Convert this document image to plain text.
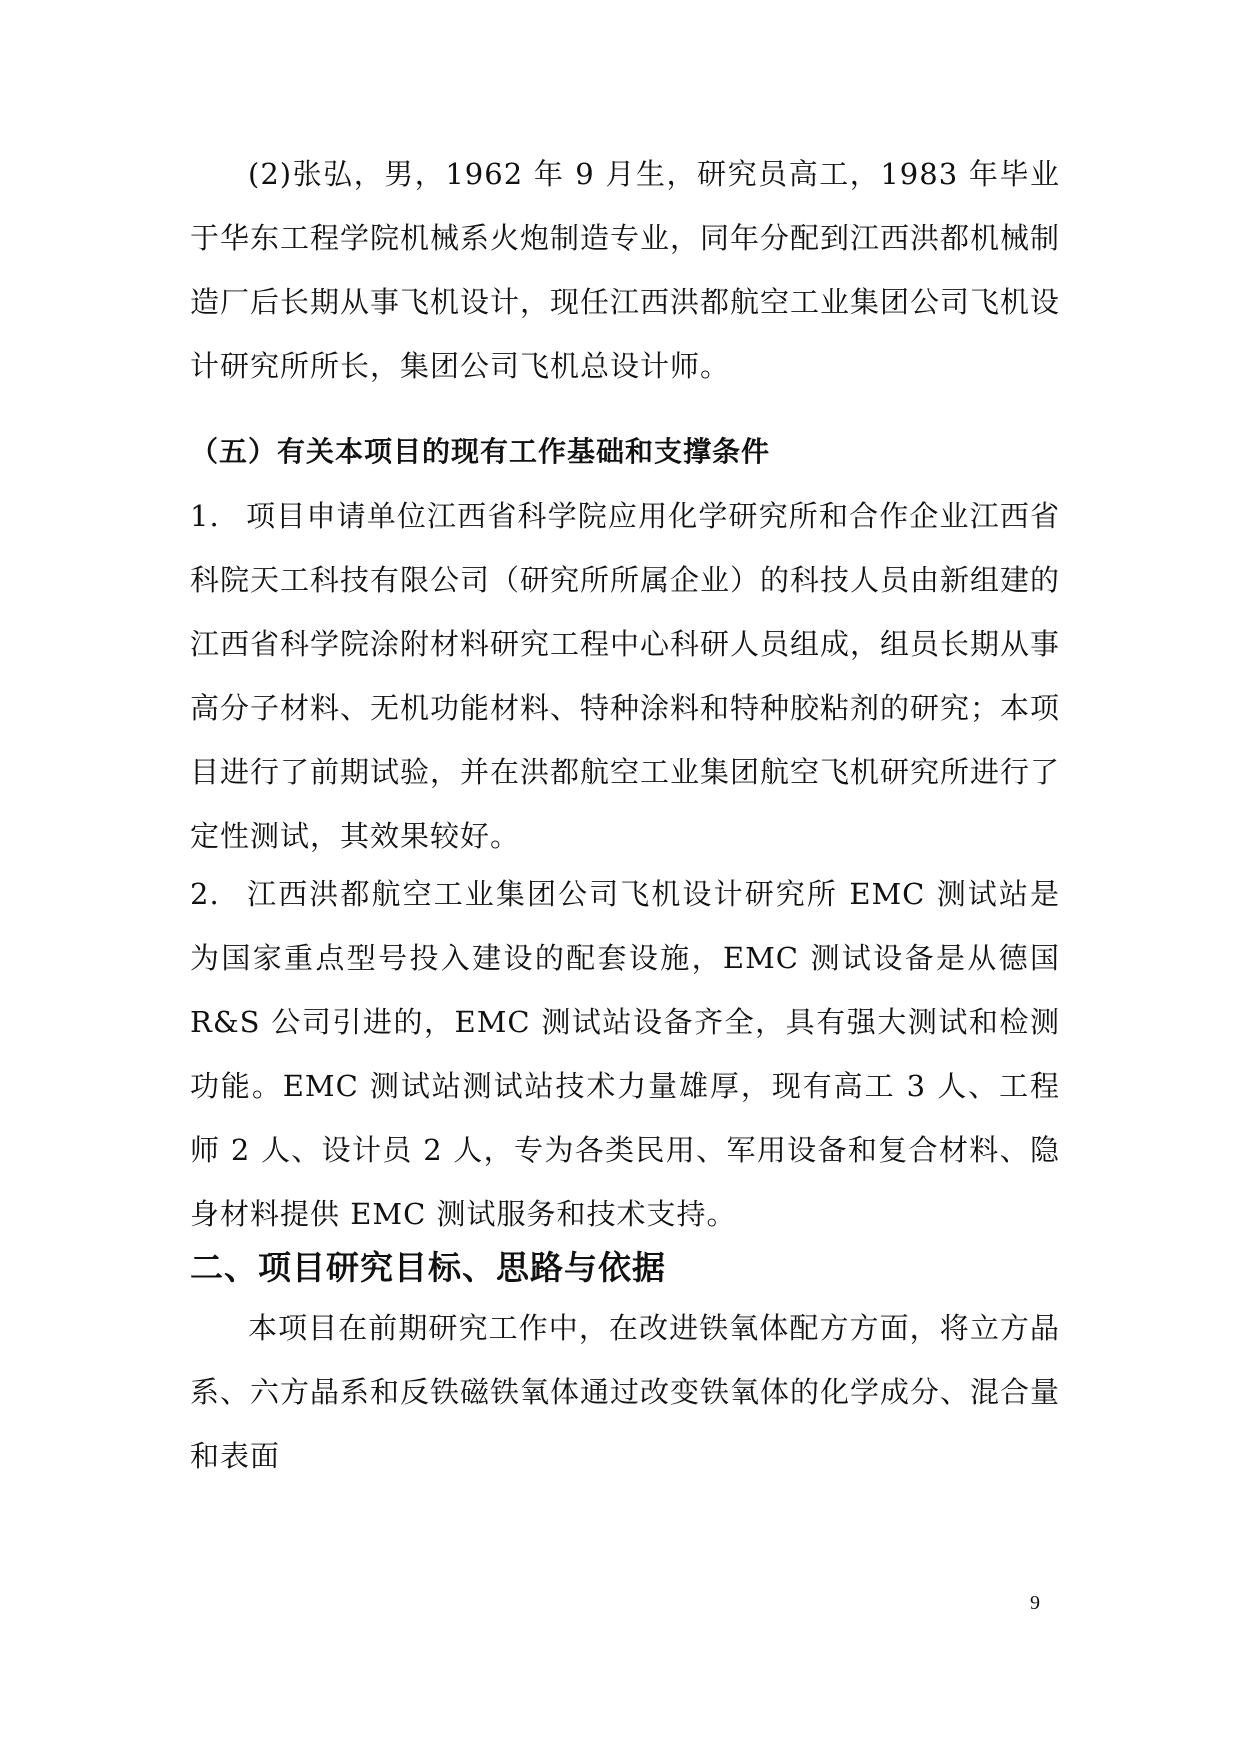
(2)张弘，男，1962 年 9 月生，研究员高工，1983 年毕业于华东工程学院机械系火炮制造专业，同年分配到江西洪都机械制造厂后长期从事飞机设计，现任江西洪都航空工业集团公司飞机设计研究所所长，集团公司飞机总设计师。
（五）有关本项目的现有工作基础和支撑条件
1. 项目申请单位江西省科学院应用化学研究所和合作企业江西省科院天工科技有限公司（研究所所属企业）的科技人员由新组建的江西省科学院涂附材料研究工程中心科研人员组成，组员长期从事高分子材料、无机功能材料、特种涂料和特种胶粘剂的研究；本项目进行了前期试验，并在洪都航空工业集团航空飞机研究所进行了定性测试，其效果较好。
2. 江西洪都航空工业集团公司飞机设计研究所 EMC 测试站是为国家重点型号投入建设的配套设施，EMC 测试设备是从德国 R&S 公司引进的，EMC 测试站设备齐全，具有强大测试和检测功能。EMC 测试站测试站技术力量雄厚，现有高工 3 人、工程师 2 人、设计员 2 人，专为各类民用、军用设备和复合材料、隐身材料提供 EMC 测试服务和技术支持。
二、项目研究目标、思路与依据
本项目在前期研究工作中，在改进铁氧体配方方面，将立方晶系、六方晶系和反铁磁铁氧体通过改变铁氧体的化学成分、混合量和表面
9
